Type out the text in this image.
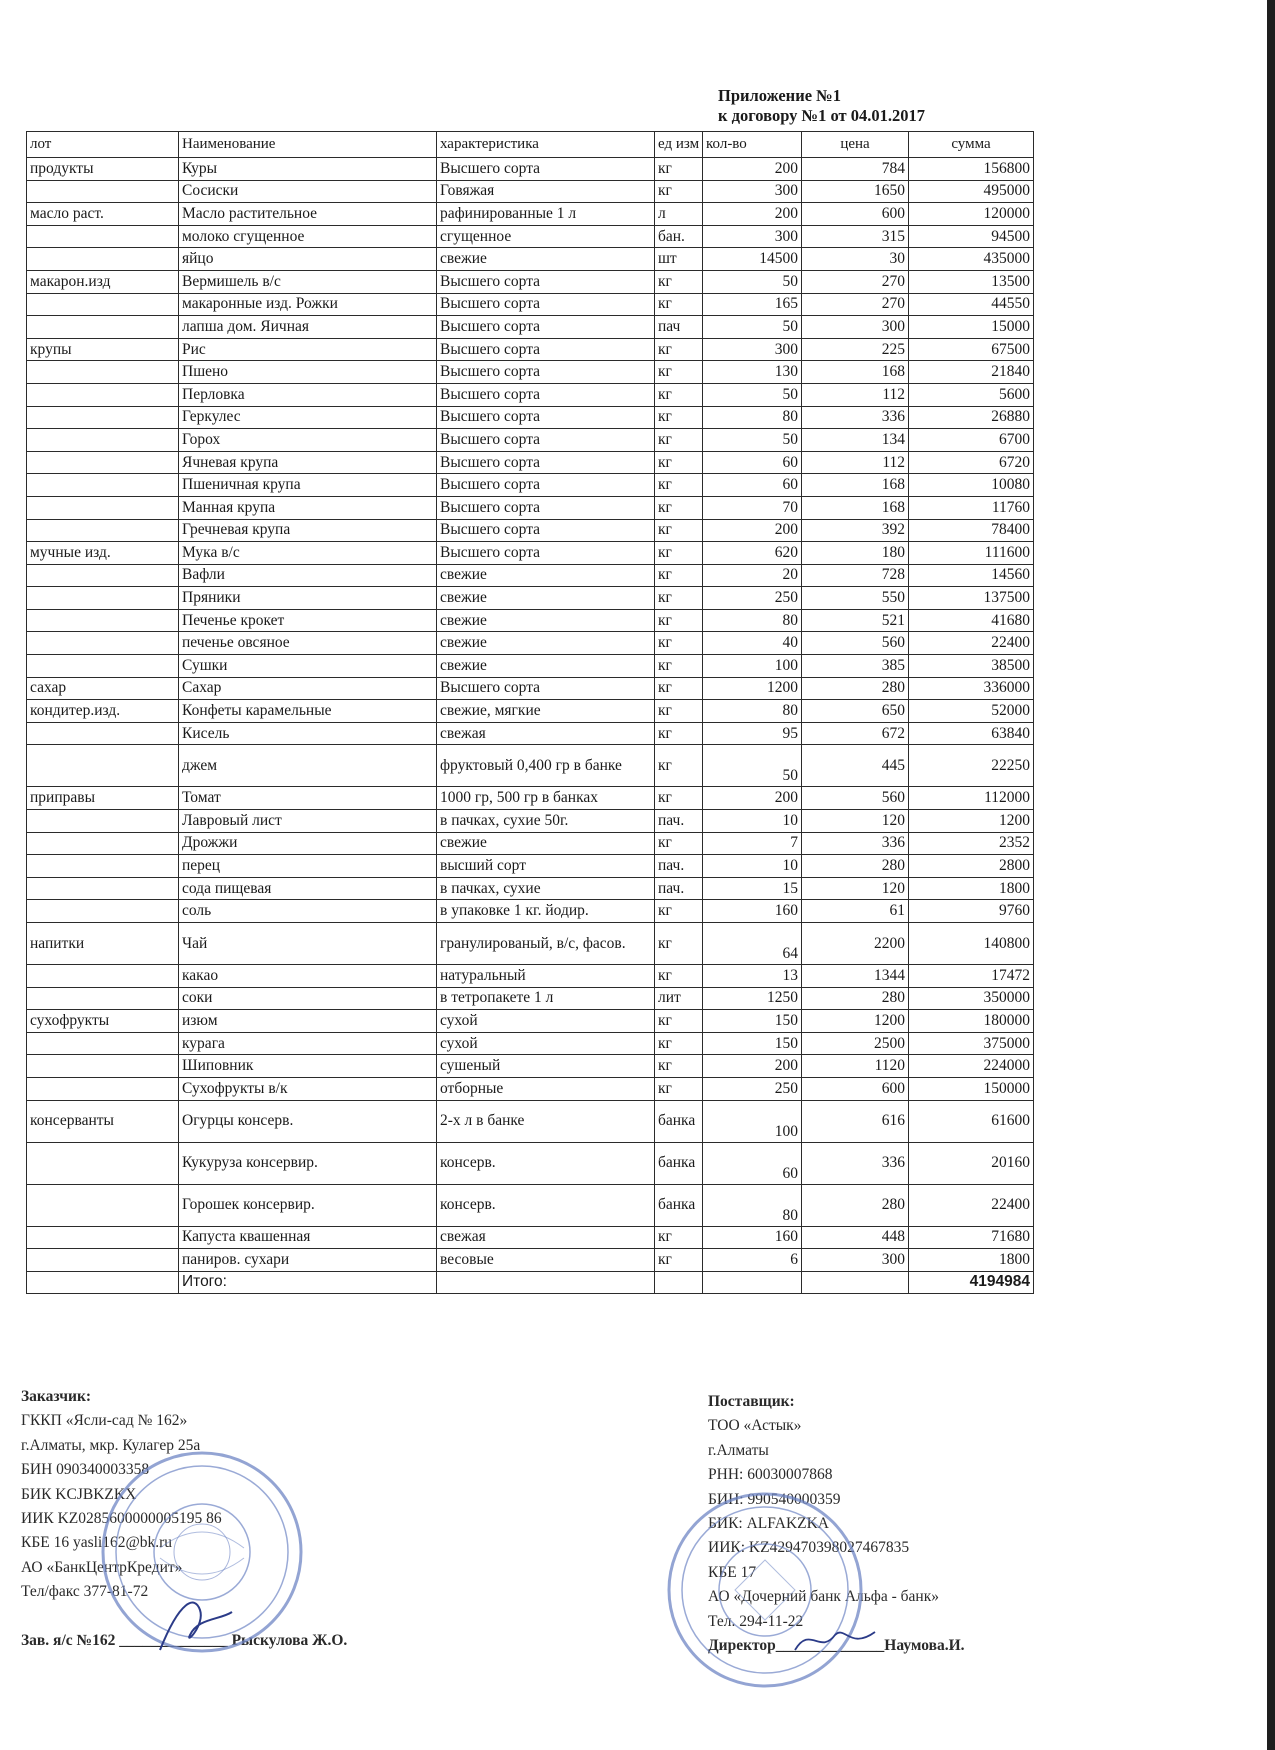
Приложение №1
к договору №1 от 04.01.2017
лот	Наименование	характеристика	ед изм	кол-во	цена	сумма
продукты	Куры	Высшего сорта	кг	200	784	156800
	Сосиски	Говяжая	кг	300	1650	495000
масло раст.	Масло растительное	рафинированные 1 л	л	200	600	120000
	молоко сгущенное	сгущенное	бан.	300	315	94500
	яйцо	свежие	шт	14500	30	435000
макарон.изд	Вермишель в/с	Высшего сорта	кг	50	270	13500
	макаронные изд. Рожки	Высшего сорта	кг	165	270	44550
	лапша дом. Яичная	Высшего сорта	пач	50	300	15000
крупы	Рис	Высшего сорта	кг	300	225	67500
	Пшено	Высшего сорта	кг	130	168	21840
	Перловка	Высшего сорта	кг	50	112	5600
	Геркулес	Высшего сорта	кг	80	336	26880
	Горох	Высшего сорта	кг	50	134	6700
	Ячневая крупа	Высшего сорта	кг	60	112	6720
	Пшеничная крупа	Высшего сорта	кг	60	168	10080
	Манная крупа	Высшего сорта	кг	70	168	11760
	Гречневая крупа	Высшего сорта	кг	200	392	78400
мучные изд.	Мука в/с	Высшего сорта	кг	620	180	111600
	Вафли	свежие	кг	20	728	14560
	Пряники	свежие	кг	250	550	137500
	Печенье крокет	свежие	кг	80	521	41680
	печенье овсяное	свежие	кг	40	560	22400
	Сушки	свежие	кг	100	385	38500
сахар	Сахар	Высшего сорта	кг	1200	280	336000
кондитер.изд.	Конфеты карамельные	свежие, мягкие	кг	80	650	52000
	Кисель	свежая	кг	95	672	63840
	джем	фруктовый 0,400 гр в банке	кг	50	445	22250
приправы	Томат	1000 гр, 500 гр в банках	кг	200	560	112000
	Лавровый лист	в пачках, сухие 50г.	пач.	10	120	1200
	Дрожжи	свежие	кг	7	336	2352
	перец	высший сорт	пач.	10	280	2800
	сода пищевая	в пачках, сухие	пач.	15	120	1800
	соль	в упаковке 1 кг. йодир.	кг	160	61	9760
напитки	Чай	гранулированый, в/с, фасов.	кг	64	2200	140800
	какао	натуральный	кг	13	1344	17472
	соки	в тетропакете 1 л	лит	1250	280	350000
сухофрукты	изюм	сухой	кг	150	1200	180000
	курага	сухой	кг	150	2500	375000
	Шиповник	сушеный	кг	200	1120	224000
	Сухофрукты в/к	отборные	кг	250	600	150000
консерванты	Огурцы консерв.	2-х л в банке	банка	100	616	61600
	Кукуруза консервир.	консерв.	банка	60	336	20160
	Горошек консервир.	консерв.	банка	80	280	22400
	Капуста квашенная	свежая	кг	160	448	71680
	паниров. сухари	весовые	кг	6	300	1800
	Итого:					4194984
Заказчик:
ГККП «Ясли-сад № 162»
г.Алматы, мкр. Кулагер 25а
БИН 090340003358
БИК KCJBKZKX
ИИК KZ0285600000005195 86
КБЕ 16 yasli162@bk.ru
АО «БанкЦентрКредит»
Тел/факс 377-81-72
Зав. я/с №162 ______________ Рыскулова Ж.О.
Поставщик:
ТОО «Астык»
г.Алматы
РНН: 60030007868
БИН: 990540000359
БИК: ALFAKZKA
ИИК: KZ429470398027467835
КБЕ 17
АО «Дочерний банк Альфа - банк»
Тел. 294-11-22
Директор______________Наумова.И.
